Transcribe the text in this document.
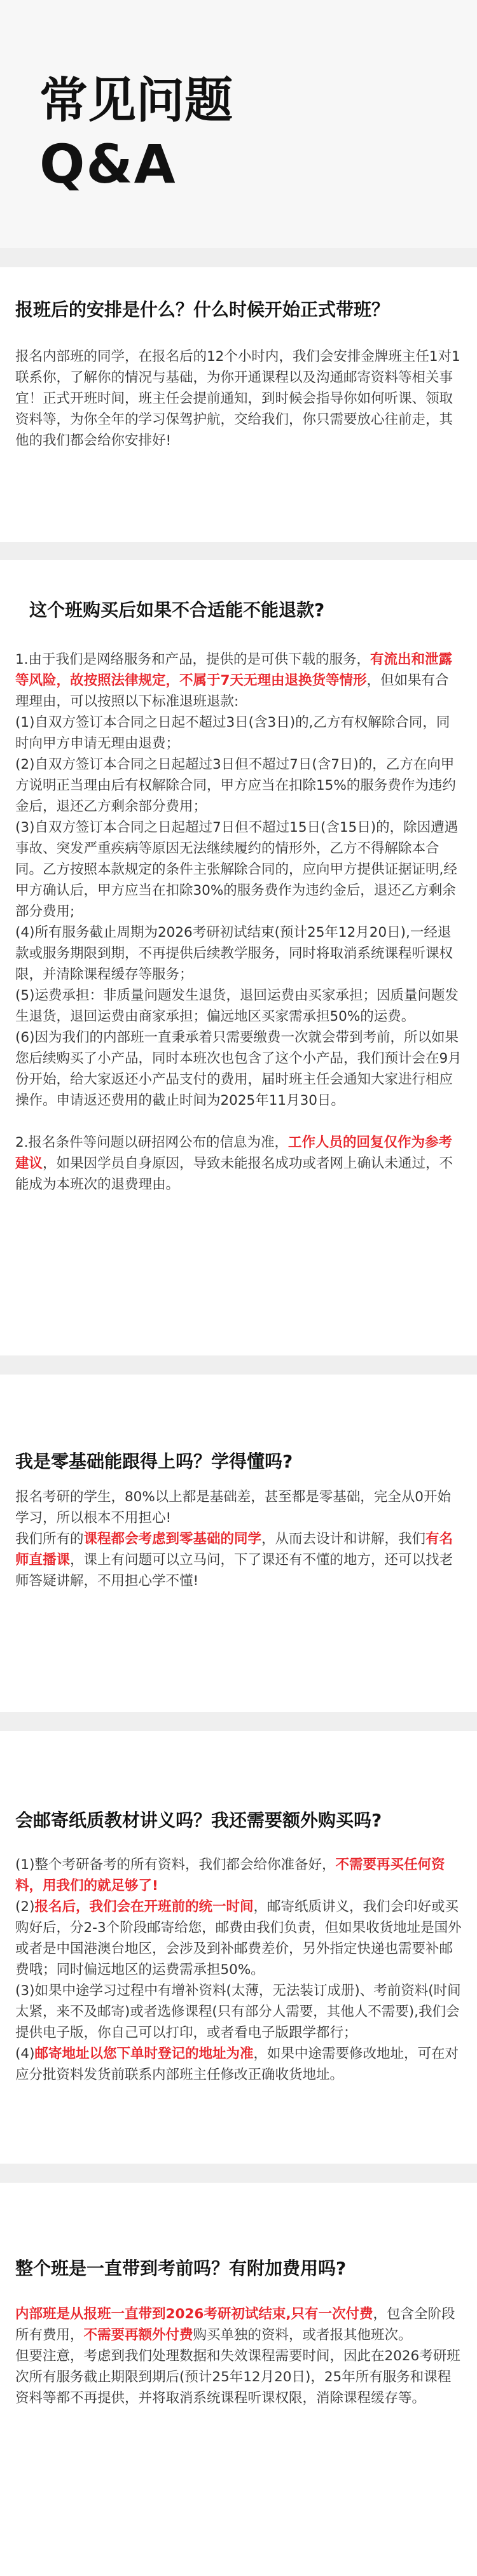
常见问题
Q&A

报班后的安排是什么？什么时候开始正式带班？

报名内部班的同学，在报名后的12个小时内，我们会安排金牌班主任1对1联系你，了解你的情况与基础，为你开通课程以及沟通邮寄资料等相关事宜！正式开班时间，班主任会提前通知，到时候会指导你如何听课、领取资料等，为你全年的学习保驾护航，交给我们，你只需要放心往前走，其他的我们都会给你安排好!

这个班购买后如果不合适能不能退款?

1.由于我们是网络服务和产品，提供的是可供下载的服务，有流出和泄露等风险，故按照法律规定，不属于7天无理由退换货等情形，但如果有合理理由，可以按照以下标准退班退款:
(1)自双方签订本合同之日起不超过3日(含3日)的,乙方有权解除合同，同时向甲方申请无理由退费；
(2)自双方签订本合同之日起超过3日但不超过7日(含7日)的，乙方在向甲方说明正当理由后有权解除合同，甲方应当在扣除15%的服务费作为违约金后，退还乙方剩余部分费用；
(3)自双方签订本合同之日起超过7日但不超过15日(含15日)的，除因遭遇事故、突发严重疾病等原因无法继续履约的情形外，乙方不得解除本合同。乙方按照本款规定的条件主张解除合同的，应向甲方提供证据证明,经甲方确认后，甲方应当在扣除30%的服务费作为违约金后，退还乙方剩余部分费用;
(4)所有服务截止周期为2026考研初试结束(预计25年12月20日),一经退款或服务期限到期，不再提供后续教学服务，同时将取消系统课程听课权限，并清除课程缓存等服务；
(5)运费承担：非质量问题发生退货，退回运费由买家承担；因质量问题发生退货，退回运费由商家承担；偏远地区买家需承担50%的运费。
(6)因为我们的内部班一直秉承着只需要缴费一次就会带到考前，所以如果您后续购买了小产品，同时本班次也包含了这个小产品，我们预计会在9月份开始，给大家返还小产品支付的费用，届时班主任会通知大家进行相应操作。申请返还费用的截止时间为2025年11月30日。

2.报名条件等问题以研招网公布的信息为准，工作人员的回复仅作为参考建议，如果因学员自身原因，导致未能报名成功或者网上确认未通过，不能成为本班次的退费理由。

我是零基础能跟得上吗？学得懂吗?

报名考研的学生，80%以上都是基础差，甚至都是零基础，完全从0开始学习，所以根本不用担心!
我们所有的课程都会考虑到零基础的同学，从而去设计和讲解，我们有名师直播课，课上有问题可以立马问，下了课还有不懂的地方，还可以找老师答疑讲解，不用担心学不懂!

会邮寄纸质教材讲义吗？我还需要额外购买吗?

(1)整个考研备考的所有资料，我们都会给你准备好，不需要再买任何资料，用我们的就足够了!
(2)报名后，我们会在开班前的统一时间，邮寄纸质讲义，我们会印好或买购好后，分2-3个阶段邮寄给您，邮费由我们负责，但如果收货地址是国外或者是中国港澳台地区，会涉及到补邮费差价，另外指定快递也需要补邮费哦；同时偏远地区的运费需承担50%。
(3)如果中途学习过程中有增补资料(太薄，无法装订成册)、考前资料(时间太紧，来不及邮寄)或者选修课程(只有部分人需要，其他人不需要),我们会提供电子版，你自己可以打印，或者看电子版跟学都行；
(4)邮寄地址以您下单时登记的地址为准，如果中途需要修改地址，可在对应分批资料发货前联系内部班主任修改正确收货地址。

整个班是一直带到考前吗？有附加费用吗?

内部班是从报班一直带到2026考研初试结束,只有一次付费，包含全阶段所有费用，不需要再额外付费购买单独的资料，或者报其他班次。
但要注意，考虑到我们处理数据和失效课程需要时间，因此在2026考研班次所有服务截止期限到期后(预计25年12月20日)，25年所有服务和课程资料等都不再提供，并将取消系统课程听课权限，消除课程缓存等。
